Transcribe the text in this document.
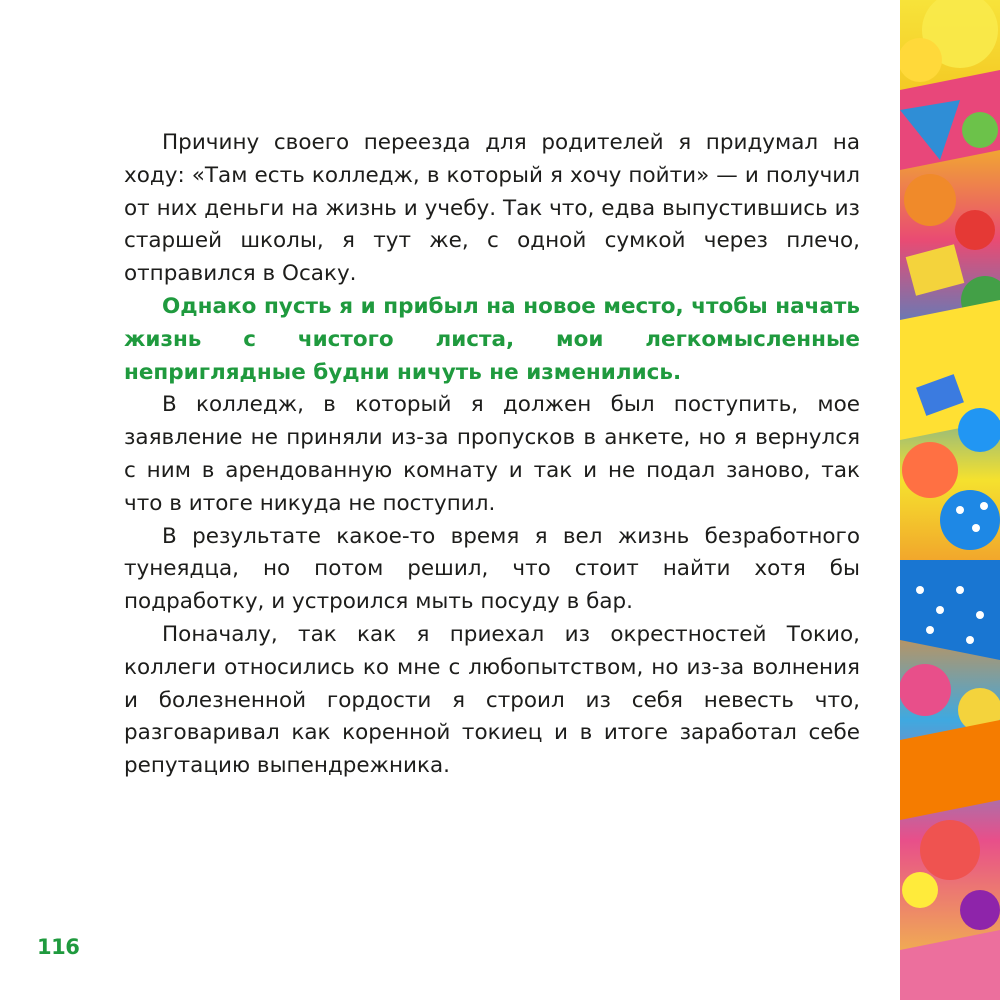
Причину своего переезда для родителей я придумал на ходу: «Там есть колледж, в который я хочу пойти» — и получил от них деньги на жизнь и учебу. Так что, едва выпустившись из старшей школы, я тут же, с одной сумкой через плечо, отправился в Осаку.

Однако пусть я и прибыл на новое место, чтобы начать жизнь с чистого листа, мои легкомысленные неприглядные будни ничуть не изменились.

В колледж, в который я должен был поступить, мое заявление не приняли из-за пропусков в анкете, но я вернулся с ним в арендованную комнату и так и не подал заново, так что в итоге никуда не поступил.

В результате какое-то время я вел жизнь безработного тунеядца, но потом решил, что стоит найти хотя бы подработку, и устроился мыть посуду в бар.

Поначалу, так как я приехал из окрестностей Токио, коллеги относились ко мне с любопытством, но из-за волнения и болезненной гордости я строил из себя невесть что, разговаривал как коренной токиец и в итоге заработал себе репутацию выпендрежника.

116
